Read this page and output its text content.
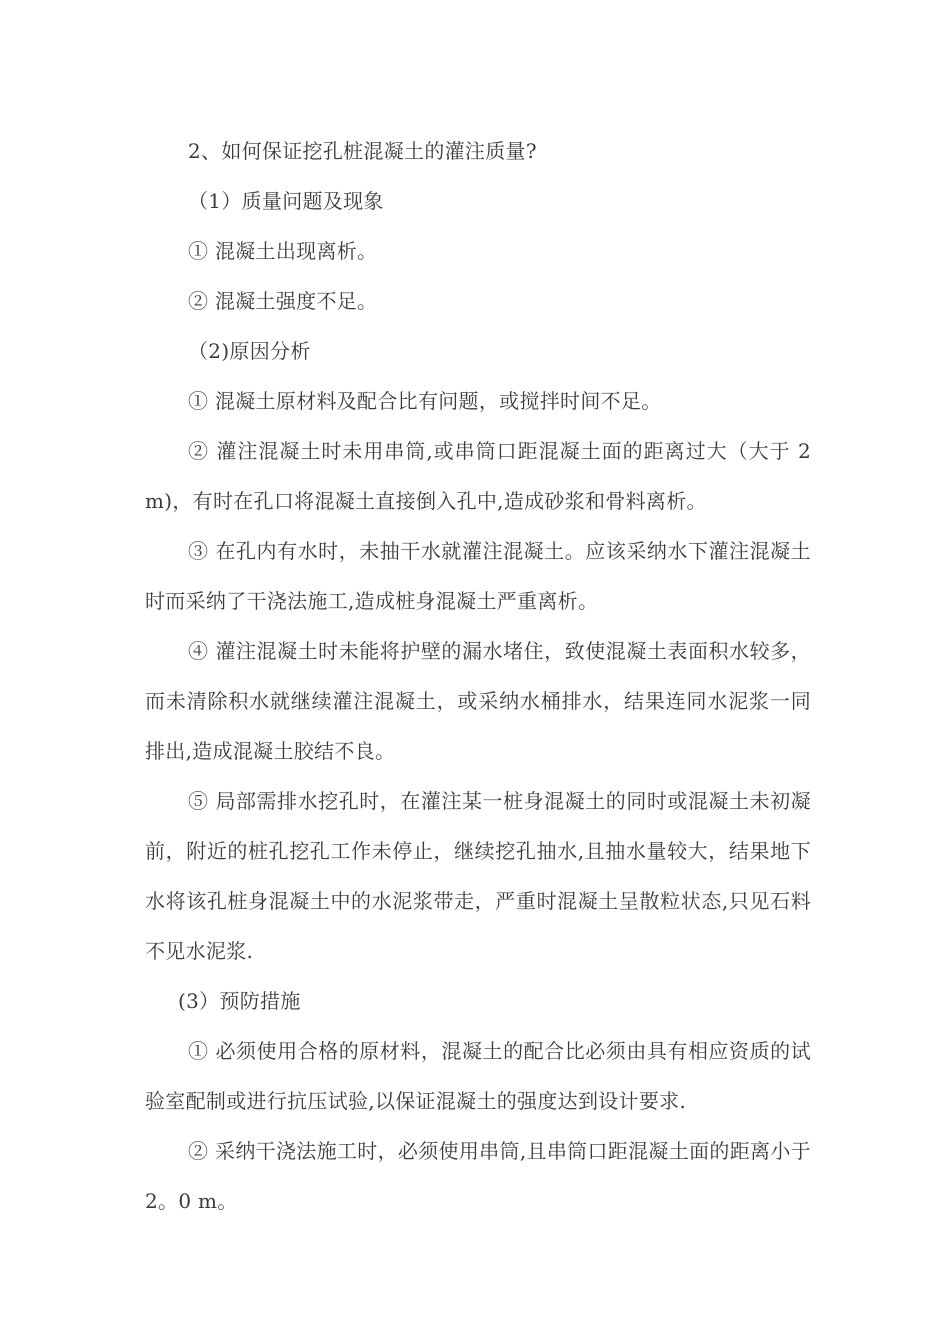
2、如何保证挖孔桩混凝土的灌注质量?

（1）质量问题及现象

① 混凝土出现离析。

② 混凝土强度不足。

（2)原因分析

① 混凝土原材料及配合比有问题，或搅拌时间不足。

② 灌注混凝土时未用串筒,或串筒口距混凝土面的距离过大（大于 2 m)，有时在孔口将混凝土直接倒入孔中,造成砂浆和骨料离析。

③ 在孔内有水时，未抽干水就灌注混凝土。应该采纳水下灌注混凝土时而采纳了干浇法施工,造成桩身混凝土严重离析。

④ 灌注混凝土时未能将护壁的漏水堵住，致使混凝土表面积水较多，而未清除积水就继续灌注混凝土，或采纳水桶排水，结果连同水泥浆一同排出,造成混凝土胶结不良。

⑤ 局部需排水挖孔时，在灌注某一桩身混凝土的同时或混凝土未初凝前，附近的桩孔挖孔工作未停止，继续挖孔抽水,且抽水量较大，结果地下水将该孔桩身混凝土中的水泥浆带走，严重时混凝土呈散粒状态,只见石料不见水泥浆.

(3）预防措施

① 必须使用合格的原材料，混凝土的配合比必须由具有相应资质的试验室配制或进行抗压试验,以保证混凝土的强度达到设计要求.

② 采纳干浇法施工时，必须使用串筒,且串筒口距混凝土面的距离小于 2。0 m。
